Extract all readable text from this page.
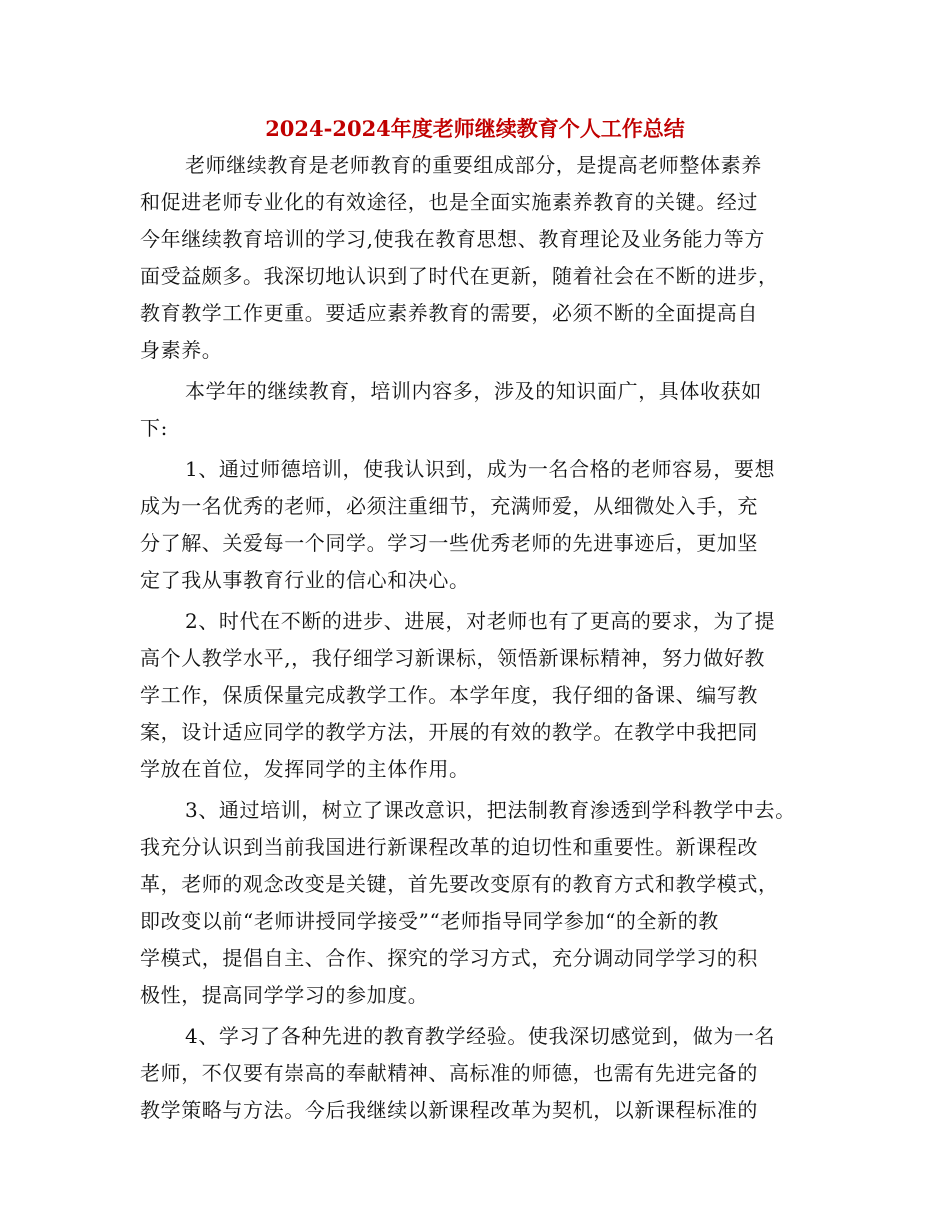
2024-2024年度老师继续教育个人工作总结
老师继续教育是老师教育的重要组成部分，是提高老师整体素养
和促进老师专业化的有效途径，也是全面实施素养教育的关键。经过
今年继续教育培训的学习,使我在教育思想、教育理论及业务能力等方
面受益颇多。我深切地认识到了时代在更新，随着社会在不断的进步，
教育教学工作更重。要适应素养教育的需要，必须不断的全面提高自
身素养。
本学年的继续教育，培训内容多，涉及的知识面广，具体收获如
下:
1、通过师德培训，使我认识到，成为一名合格的老师容易，要想
成为一名优秀的老师，必须注重细节，充满师爱，从细微处入手，充
分了解、关爱每一个同学。学习一些优秀老师的先进事迹后，更加坚
定了我从事教育行业的信心和决心。
2、时代在不断的进步、进展，对老师也有了更高的要求，为了提
高个人教学水平,，我仔细学习新课标，领悟新课标精神，努力做好教
学工作，保质保量完成教学工作。本学年度，我仔细的备课、编写教
案，设计适应同学的教学方法，开展的有效的教学。在教学中我把同
学放在首位，发挥同学的主体作用。
3、通过培训，树立了课改意识，把法制教育渗透到学科教学中去。
我充分认识到当前我国进行新课程改革的迫切性和重要性。新课程改
革，老师的观念改变是关键，首先要改变原有的教育方式和教学模式，
即改变以前“老师讲授同学接受”“老师指导同学参加“的全新的教
学模式，提倡自主、合作、探究的学习方式，充分调动同学学习的积
极性，提高同学学习的参加度。
4、学习了各种先进的教育教学经验。使我深切感觉到，做为一名
老师，不仅要有崇高的奉献精神、高标准的师德，也需有先进完备的
教学策略与方法。今后我继续以新课程改革为契机，以新课程标准的
